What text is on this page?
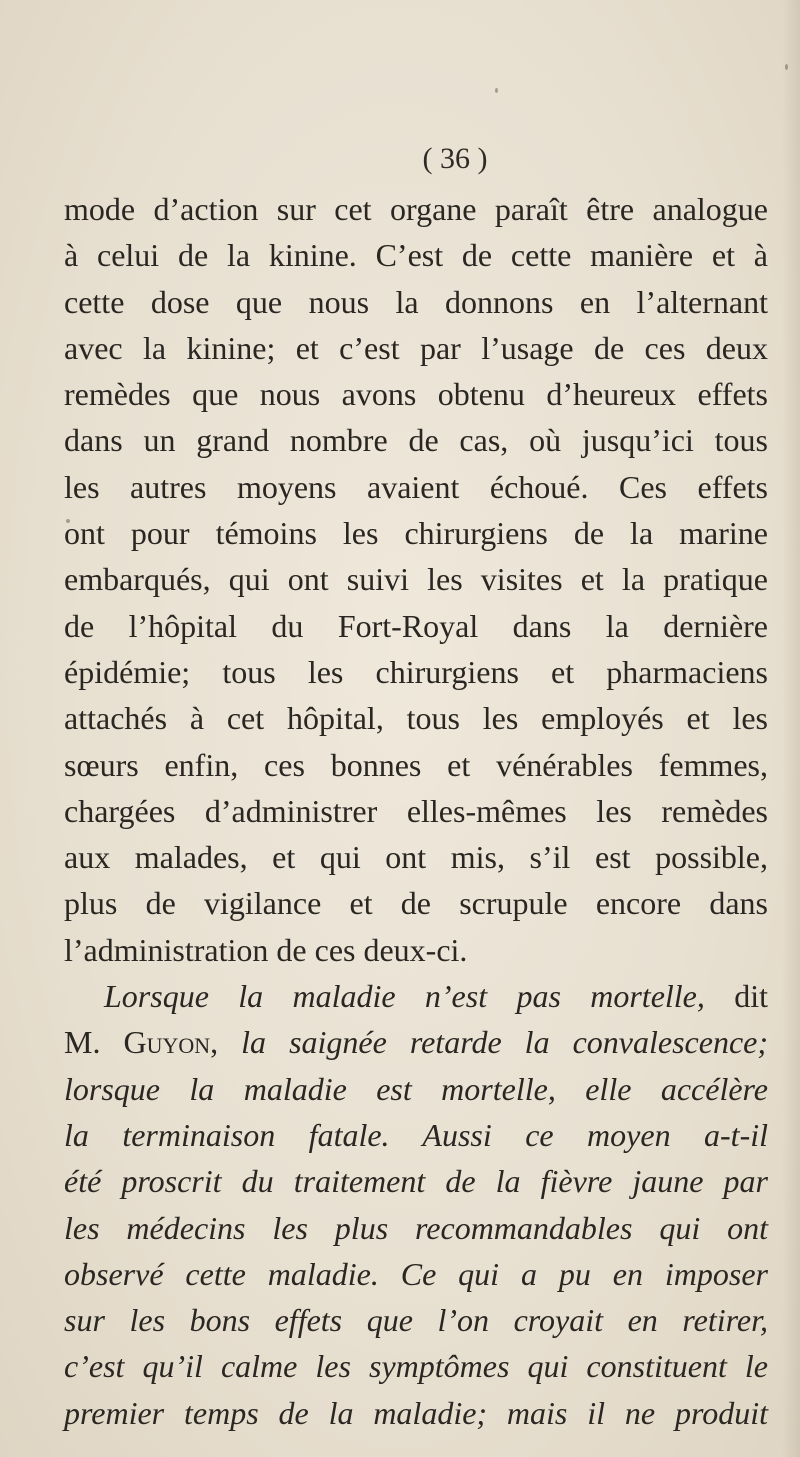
( 36 )
mode d’action sur cet organe paraît être analogue
à celui de la kinine. C’est de cette manière et à
cette dose que nous la donnons en l’alternant
avec la kinine; et c’est par l’usage de ces deux
remèdes que nous avons obtenu d’heureux effets
dans un grand nombre de cas, où jusqu’ici tous
les autres moyens avaient échoué. Ces effets
ont pour témoins les chirurgiens de la marine
embarqués, qui ont suivi les visites et la pratique
de l’hôpital du Fort-Royal dans la dernière
épidémie; tous les chirurgiens et pharmaciens
attachés à cet hôpital, tous les employés et les
sœurs enfin, ces bonnes et vénérables femmes,
chargées d’administrer elles-mêmes les remèdes
aux malades, et qui ont mis, s’il est possible,
plus de vigilance et de scrupule encore dans
l’administration de ces deux-ci.
Lorsque la maladie n’est pas mortelle, dit
M. Guyon, la saignée retarde la convalescence;
lorsque la maladie est mortelle, elle accélère
la terminaison fatale. Aussi ce moyen a-t-il
été proscrit du traitement de la fièvre jaune par
les médecins les plus recommandables qui ont
observé cette maladie. Ce qui a pu en imposer
sur les bons effets que l’on croyait en retirer,
c’est qu’il calme les symptômes qui constituent le
premier temps de la maladie; mais il ne produit
